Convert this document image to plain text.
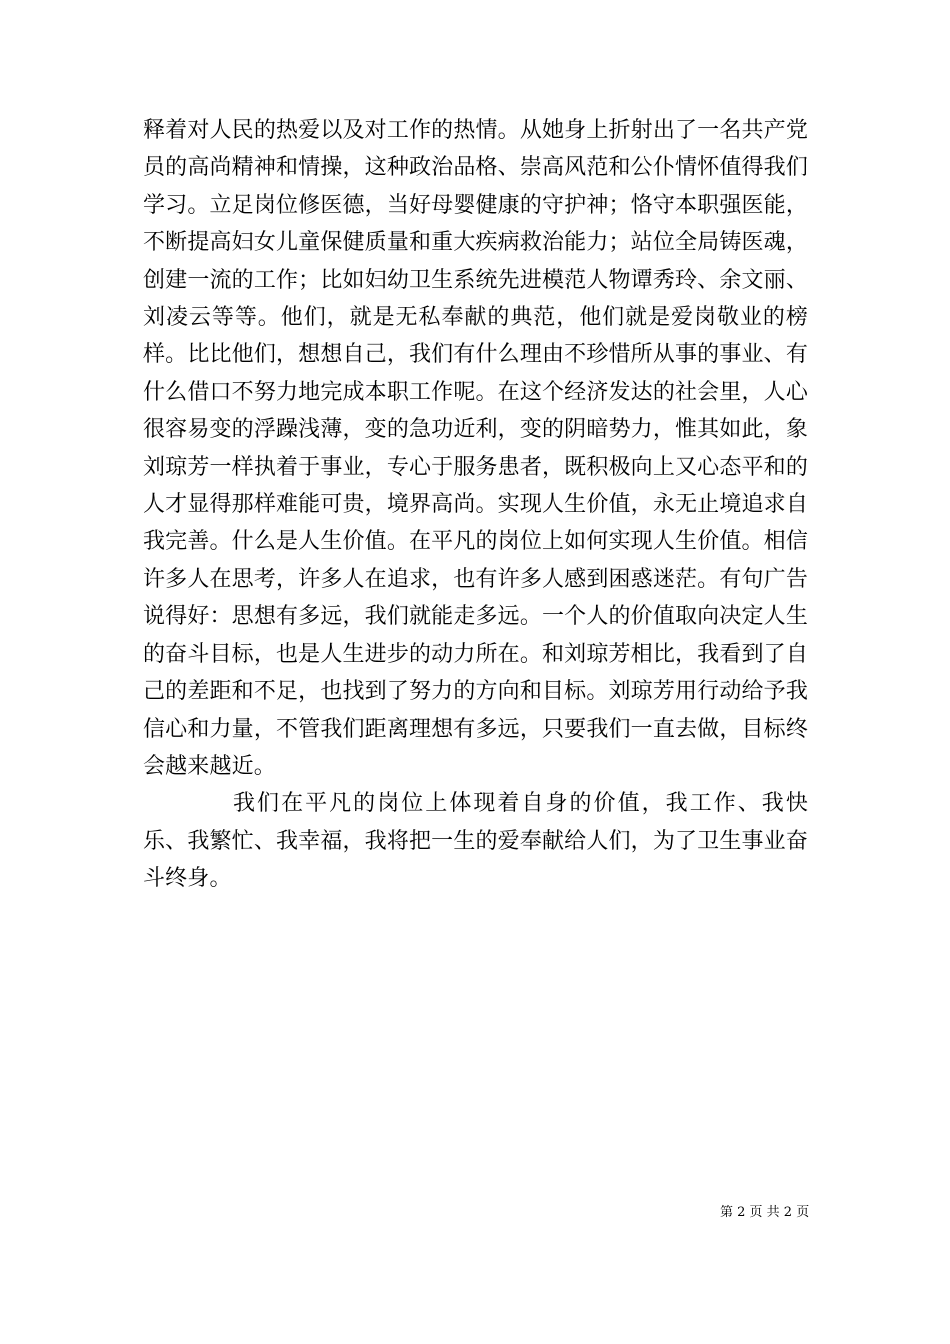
释着对人民的热爱以及对工作的热情。从她身上折射出了一名共产党员的高尚精神和情操，这种政治品格、崇高风范和公仆情怀值得我们学习。立足岗位修医德，当好母婴健康的守护神；恪守本职强医能，不断提高妇女儿童保健质量和重大疾病救治能力；站位全局铸医魂，创建一流的工作；比如妇幼卫生系统先进模范人物谭秀玲、余文丽、刘凌云等等。他们，就是无私奉献的典范，他们就是爱岗敬业的榜样。比比他们，想想自己，我们有什么理由不珍惜所从事的事业、有什么借口不努力地完成本职工作呢。在这个经济发达的社会里，人心很容易变的浮躁浅薄，变的急功近利，变的阴暗势力，惟其如此，象刘琼芳一样执着于事业，专心于服务患者，既积极向上又心态平和的人才显得那样难能可贵，境界高尚。实现人生价值，永无止境追求自我完善。什么是人生价值。在平凡的岗位上如何实现人生价值。相信许多人在思考，许多人在追求，也有许多人感到困惑迷茫。有句广告说得好：思想有多远，我们就能走多远。一个人的价值取向决定人生的奋斗目标，也是人生进步的动力所在。和刘琼芳相比，我看到了自己的差距和不足，也找到了努力的方向和目标。刘琼芳用行动给予我信心和力量，不管我们距离理想有多远，只要我们一直去做，目标终会越来越近。

我们在平凡的岗位上体现着自身的价值，我工作、我快乐、我繁忙、我幸福，我将把一生的爱奉献给人们，为了卫生事业奋斗终身。

第 2 页 共 2 页
